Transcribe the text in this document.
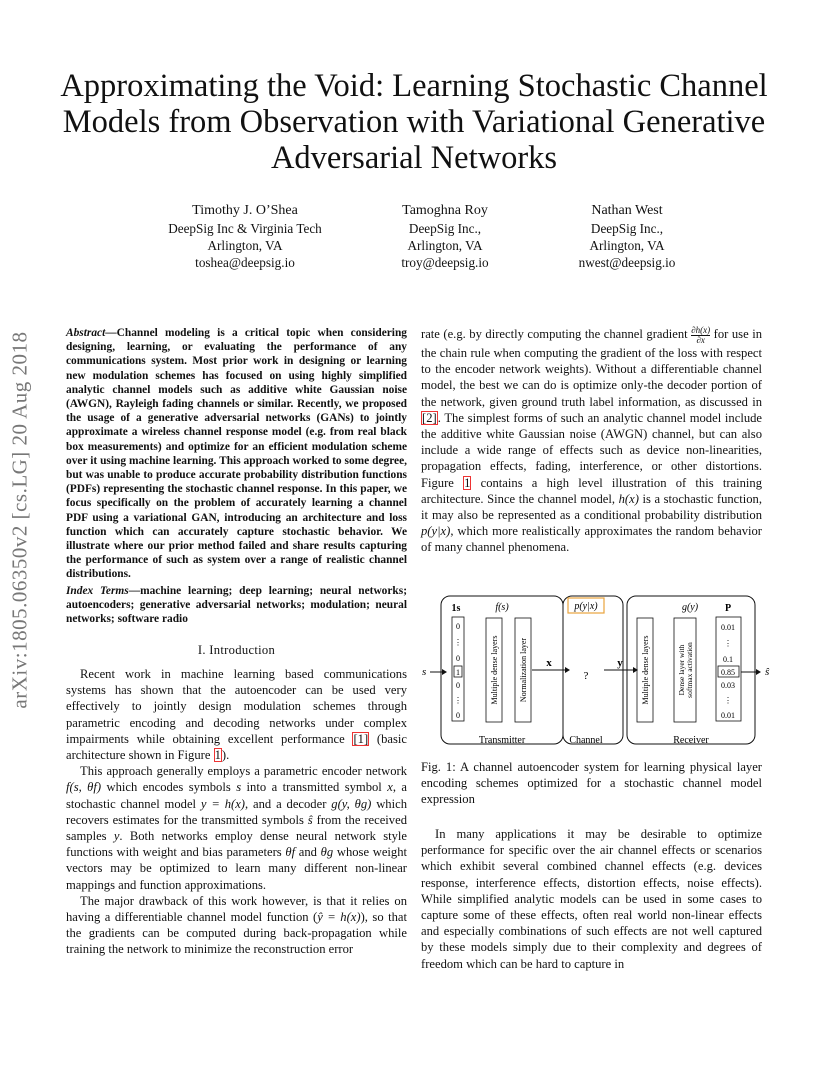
Approximating the Void: Learning Stochastic Channel Models from Observation with Variational Generative Adversarial Networks
Timothy J. O’Shea
DeepSig Inc & Virginia Tech
Arlington, VA
toshea@deepsig.io
Tamoghna Roy
DeepSig Inc.,
Arlington, VA
troy@deepsig.io
Nathan West
DeepSig Inc.,
Arlington, VA
nwest@deepsig.io
arXiv:1805.06350v2 [cs.LG] 20 Aug 2018	Abstract—Channel modeling is a critical topic when considering designing, learning, or evaluating the performance of any communications system. Most prior work in designing or learning new modulation schemes has focused on using highly simplified analytic channel models such as additive white Gaussian noise (AWGN), Rayleigh fading channels or similar. Recently, we proposed the usage of a generative adversarial networks (GANs) to jointly approximate a wireless channel response model (e.g. from real black box measurements) and optimize for an efficient modulation scheme over it using machine learning. This approach worked to some degree, but was unable to produce accurate probability distribution functions (PDFs) representing the stochastic channel response. In this paper, we focus specifically on the problem of accurately learning a channel PDF using a variational GAN, introducing an architecture and loss function which can accurately capture stochastic behavior. We illustrate where our prior method failed and share results capturing the performance of such as system over a range of realistic channel distributions.
Index Terms—machine learning; deep learning; neural networks; autoencoders; generative adversarial networks; modulation; neural networks; software radio
I. Introduction
Recent work in machine learning based communications systems has shown that the autoencoder can be used very effectively to jointly design modulation schemes through parametric encoding and decoding networks under complex impairments while obtaining excellent performance [1] (basic architecture shown in Figure 1).
This approach generally employs a parametric encoder network f(s, θf) which encodes symbols s into a transmitted symbol x, a stochastic channel model y = h(x), and a decoder g(y, θg) which recovers estimates for the transmitted symbols ŝ from the received samples y. Both networks employ dense neural network style functions with weight and bias parameters θf and θg whose weight vectors may be optimized to learn many different non-linear mappings and function approximations.
The major drawback of this work however, is that it relies on having a differentiable channel model function (ŷ = h(x)), so that the gradients can be computed during back-propagation while training the network to minimize the reconstruction error
rate (e.g. by directly computing the channel gradient $\frac{\partial h(x)}{\partial x}$ for use in the chain rule when computing the gradient of the loss with respect to the encoder network weights). Without a differentiable channel model, the best we can do is optimize only-the decoder portion of the network, given ground truth label information, as discussed in [2]. The simplest forms of such an analytic channel model include the additive white Gaussian noise (AWGN) channel, but can also include a wide range of effects such as device non-linearities, propagation effects, fading, interference, or other distortions. Figure 1 contains a high level illustration of this training architecture. Since the channel model, h(x) is a stochastic function, it may also be represented as a conditional probability distribution p(y|x), which more realistically approximates the random behavior of many channel phenomena.
s
f(s)
1s
0
⋮
0
1
0
⋮
0
Multiple dense layers	Normalization layer
Transmitter
x
p(y|x)
?
Channel
y
g(y)
Multiple dense layers	Dense layer with softmax activation
P
0.01
⋮
0.1
0.85
0.03
⋮
0.01
Receiver
ŝ
Fig. 1: A channel autoencoder system for learning physical layer encoding schemes optimized for a stochastic channel model expression
In many applications it may be desirable to optimize performance for specific over the air channel effects or scenarios which exhibit several combined channel effects (e.g. devices response, interference effects, distortion effects, noise effects). While simplified analytic models can be used in some cases to capture some of these effects, often real world non-linear effects and especially combinations of such effects are not well captured by these models simply due to their complexity and degrees of freedom which can be hard to capture in
